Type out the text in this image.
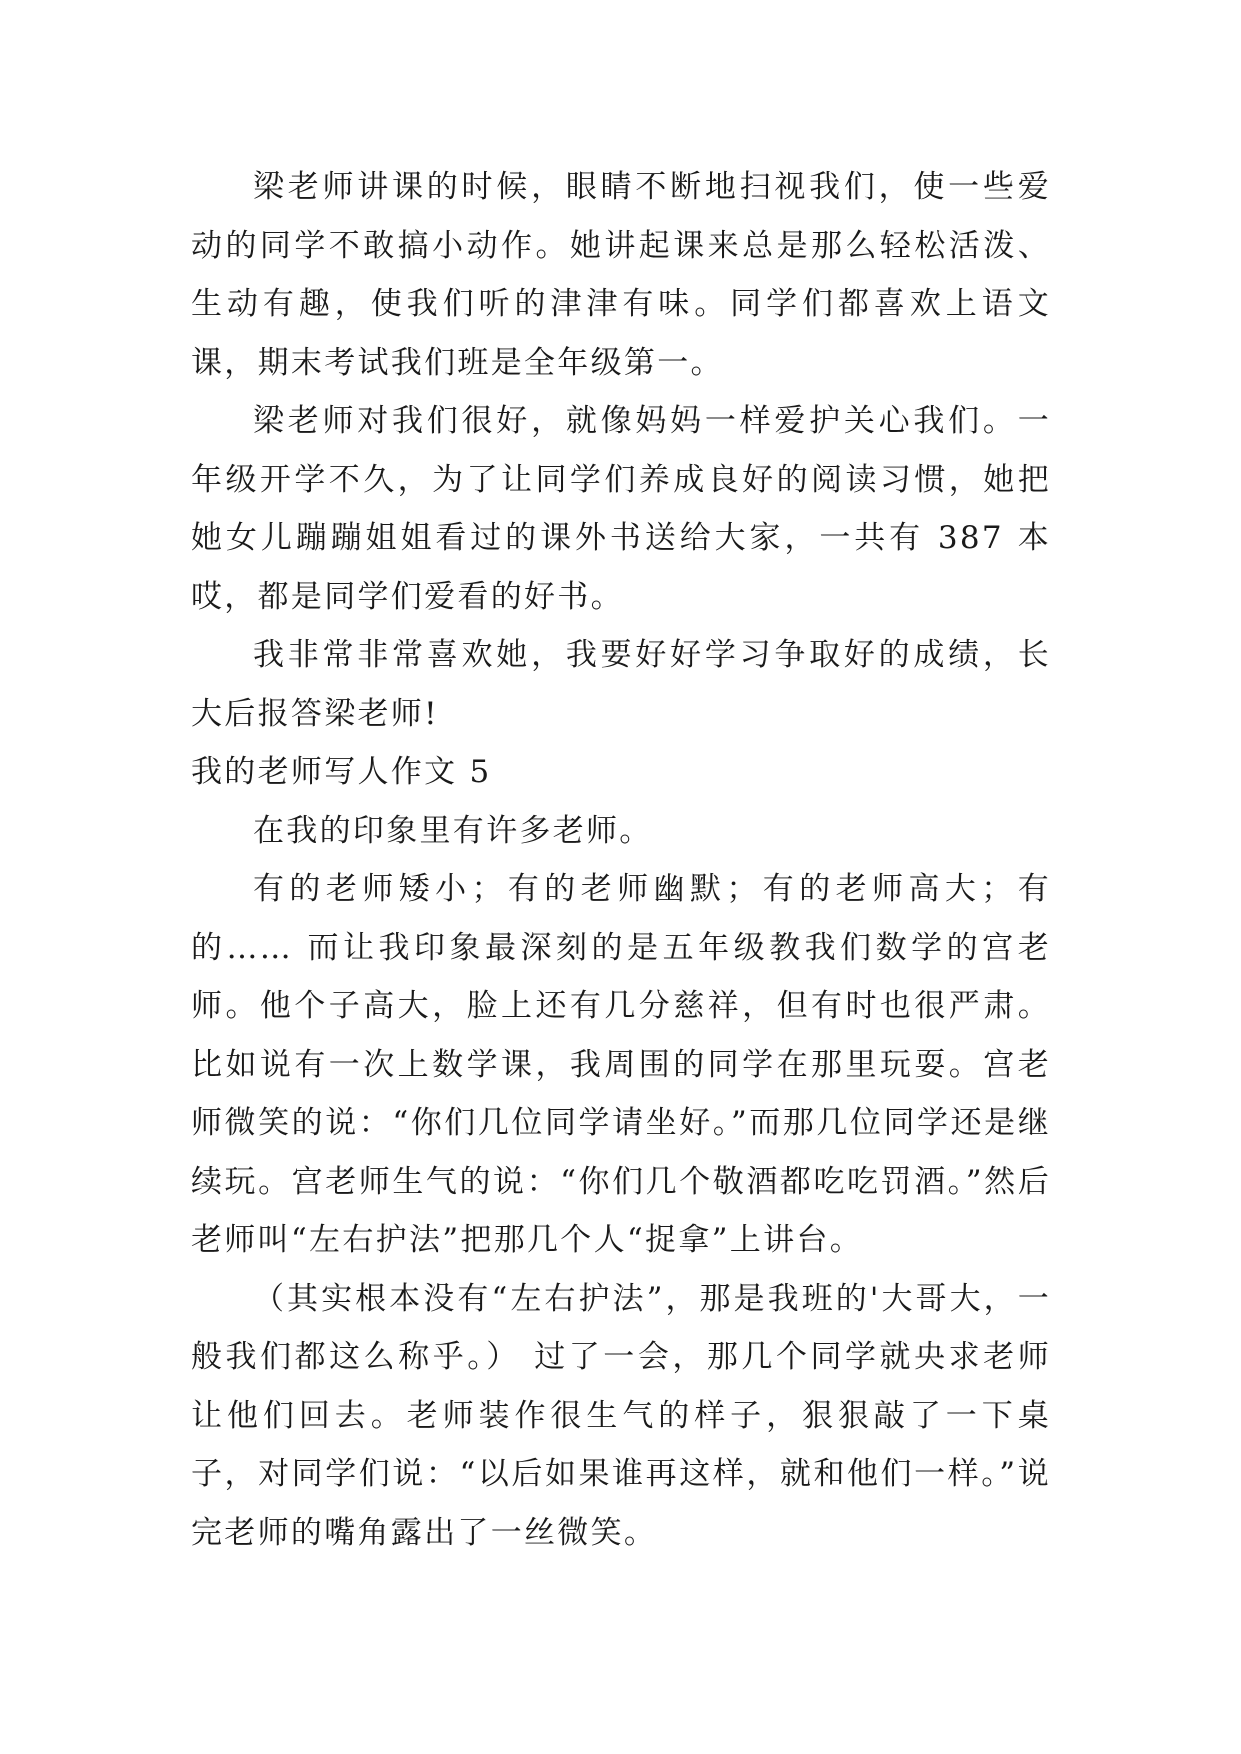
梁老师讲课的时候，眼睛不断地扫视我们，使一些爱动的同学不敢搞小动作。她讲起课来总是那么轻松活泼、生动有趣，使我们听的津津有味。同学们都喜欢上语文课，期末考试我们班是全年级第一。

梁老师对我们很好，就像妈妈一样爱护关心我们。一年级开学不久，为了让同学们养成良好的阅读习惯，她把她女儿蹦蹦姐姐看过的课外书送给大家，一共有 387 本哎，都是同学们爱看的好书。

我非常非常喜欢她，我要好好学习争取好的成绩，长大后报答梁老师!

我的老师写人作文 5

在我的印象里有许多老师。

有的老师矮小；有的老师幽默；有的老师高大；有的…… 而让我印象最深刻的是五年级教我们数学的宫老师。他个子高大，脸上还有几分慈祥，但有时也很严肃。比如说有一次上数学课，我周围的同学在那里玩耍。宫老师微笑的说：“你们几位同学请坐好。”而那几位同学还是继续玩。宫老师生气的说：“你们几个敬酒都吃吃罚酒。”然后老师叫“左右护法”把那几个人“捉拿”上讲台。

（其实根本没有“左右护法”，那是我班的'大哥大，一般我们都这么称乎。） 过了一会，那几个同学就央求老师让他们回去。老师装作很生气的样子，狠狠敲了一下桌子，对同学们说：“以后如果谁再这样，就和他们一样。”说完老师的嘴角露出了一丝微笑。
